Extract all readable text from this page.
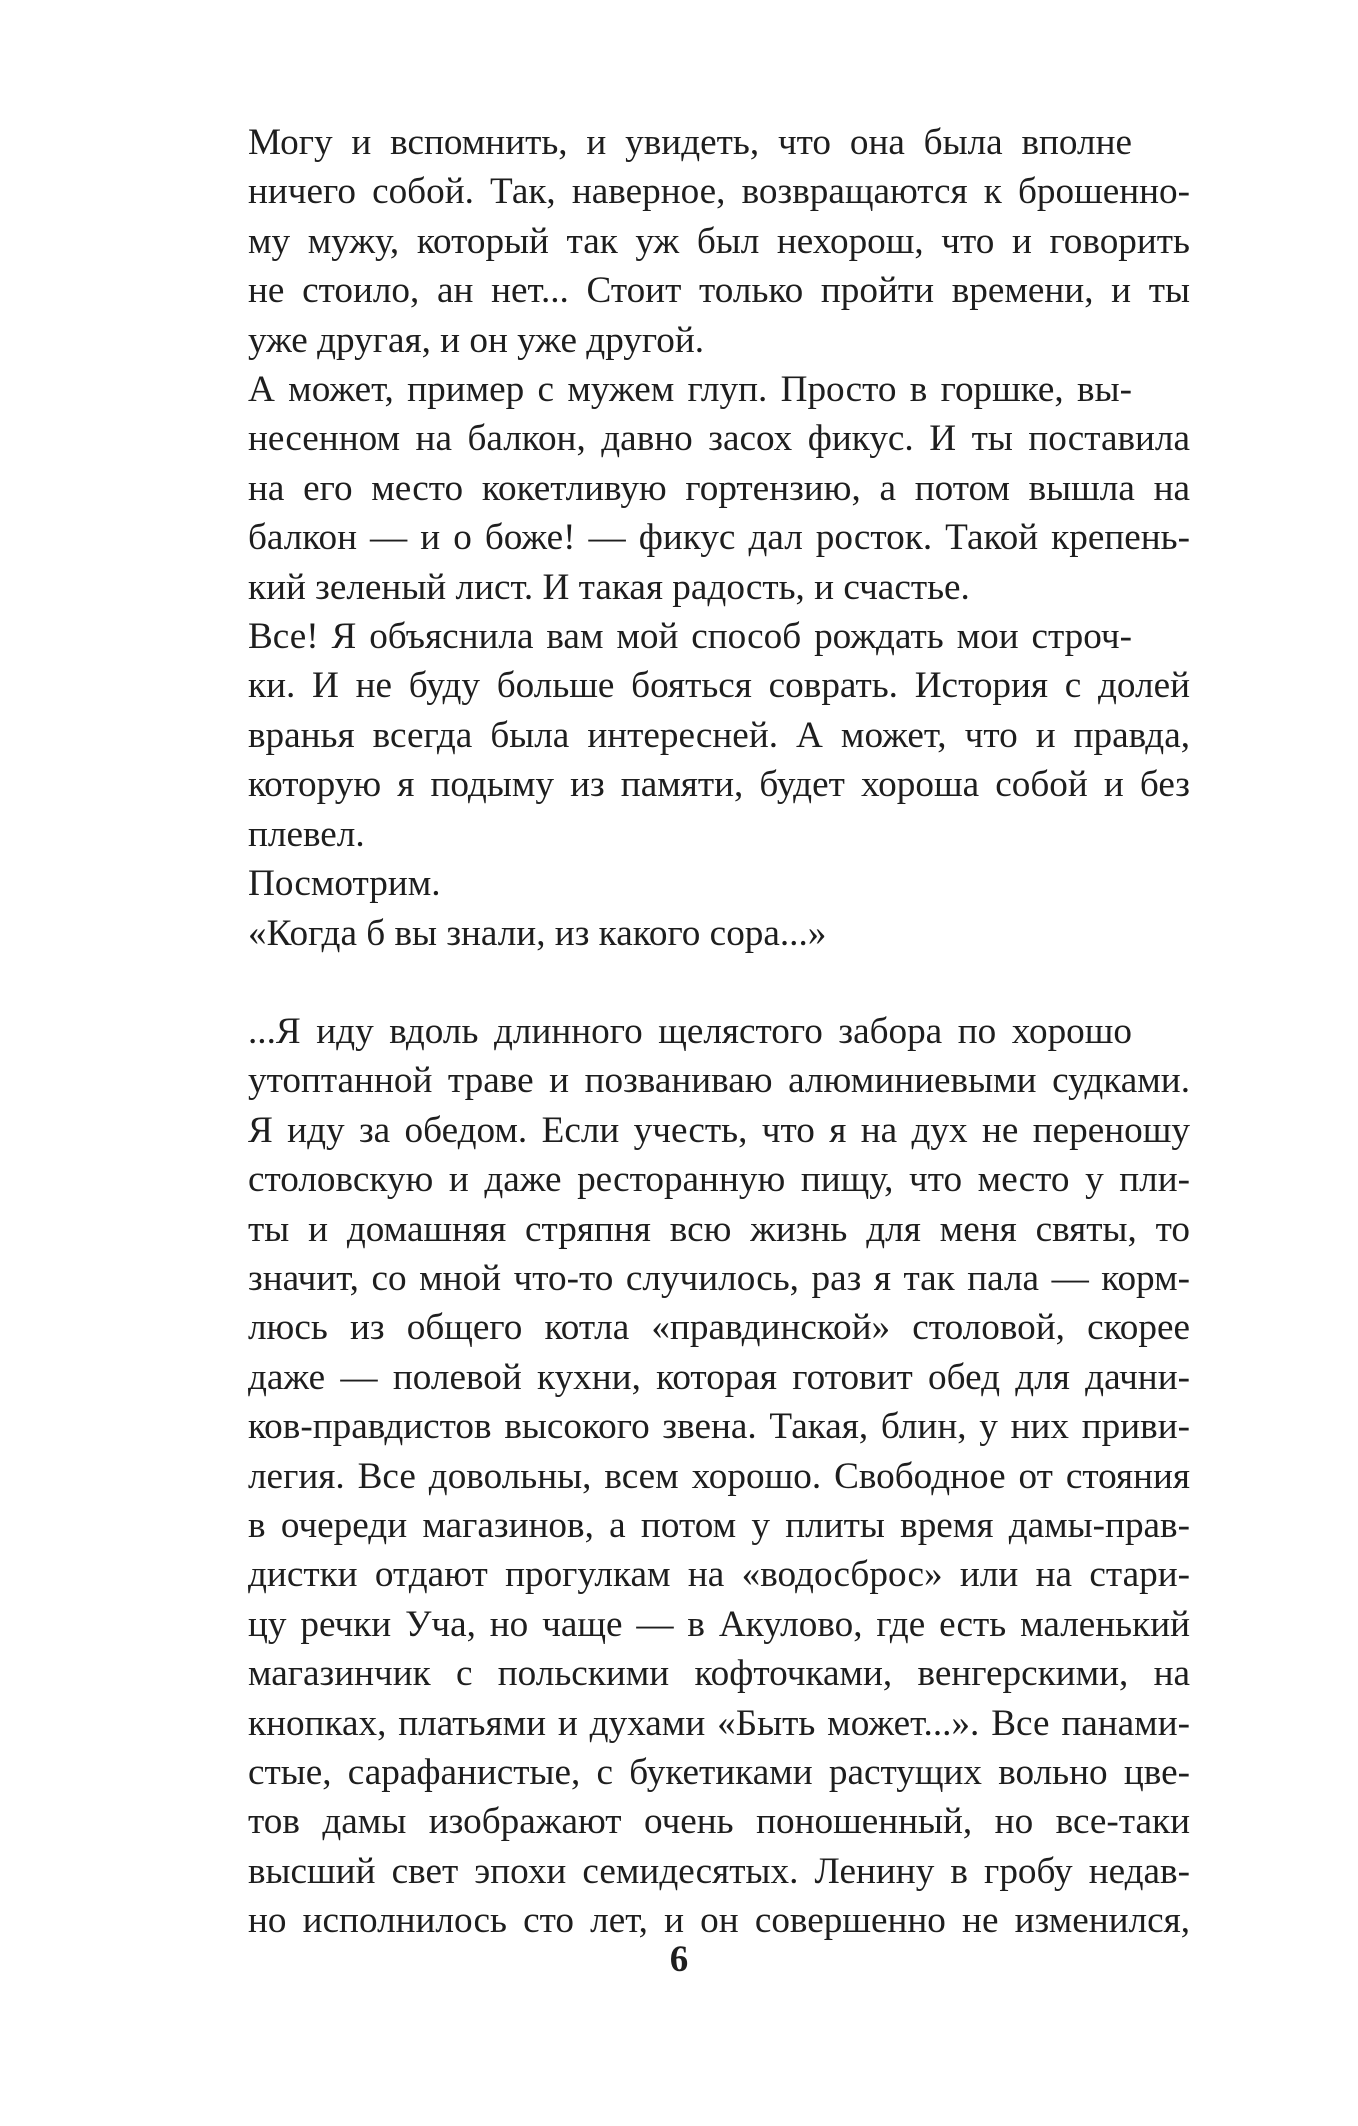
Могу и вспомнить, и увидеть, что она была вполне
ничего собой. Так, наверное, возвращаются к брошенно-
му мужу, который так уж был нехорош, что и говорить
не стоило, ан нет... Стоит только пройти времени, и ты
уже другая, и он уже другой.
А может, пример с мужем глуп. Просто в горшке, вы-
несенном на балкон, давно засох фикус. И ты поставила
на его место кокетливую гортензию, а потом вышла на
балкон — и о боже! — фикус дал росток. Такой крепень-
кий зеленый лист. И такая радость, и счастье.
Все! Я объяснила вам мой способ рождать мои строч-
ки. И не буду больше бояться соврать. История с долей
вранья всегда была интересней. А может, что и правда,
которую я подыму из памяти, будет хороша собой и без
плевел.
Посмотрим.
«Когда б вы знали, из какого сора...»
...Я иду вдоль длинного щелястого забора по хорошо
утоптанной траве и позваниваю алюминиевыми судками.
Я иду за обедом. Если учесть, что я на дух не переношу
столовскую и даже ресторанную пищу, что место у пли-
ты и домашняя стряпня всю жизнь для меня святы, то
значит, со мной что-то случилось, раз я так пала — корм-
люсь из общего котла «правдинской» столовой, скорее
даже — полевой кухни, которая готовит обед для дачни-
ков-правдистов высокого звена. Такая, блин, у них приви-
легия. Все довольны, всем хорошо. Свободное от стояния
в очереди магазинов, а потом у плиты время дамы-прав-
дистки отдают прогулкам на «водосброс» или на стари-
цу речки Уча, но чаще — в Акулово, где есть маленький
магазинчик с польскими кофточками, венгерскими, на
кнопках, платьями и духами «Быть может...». Все панами-
стые, сарафанистые, с букетиками растущих вольно цве-
тов дамы изображают очень поношенный, но все-таки
высший свет эпохи семидесятых. Ленину в гробу недав-
но исполнилось сто лет, и он совершенно не изменился,
6
